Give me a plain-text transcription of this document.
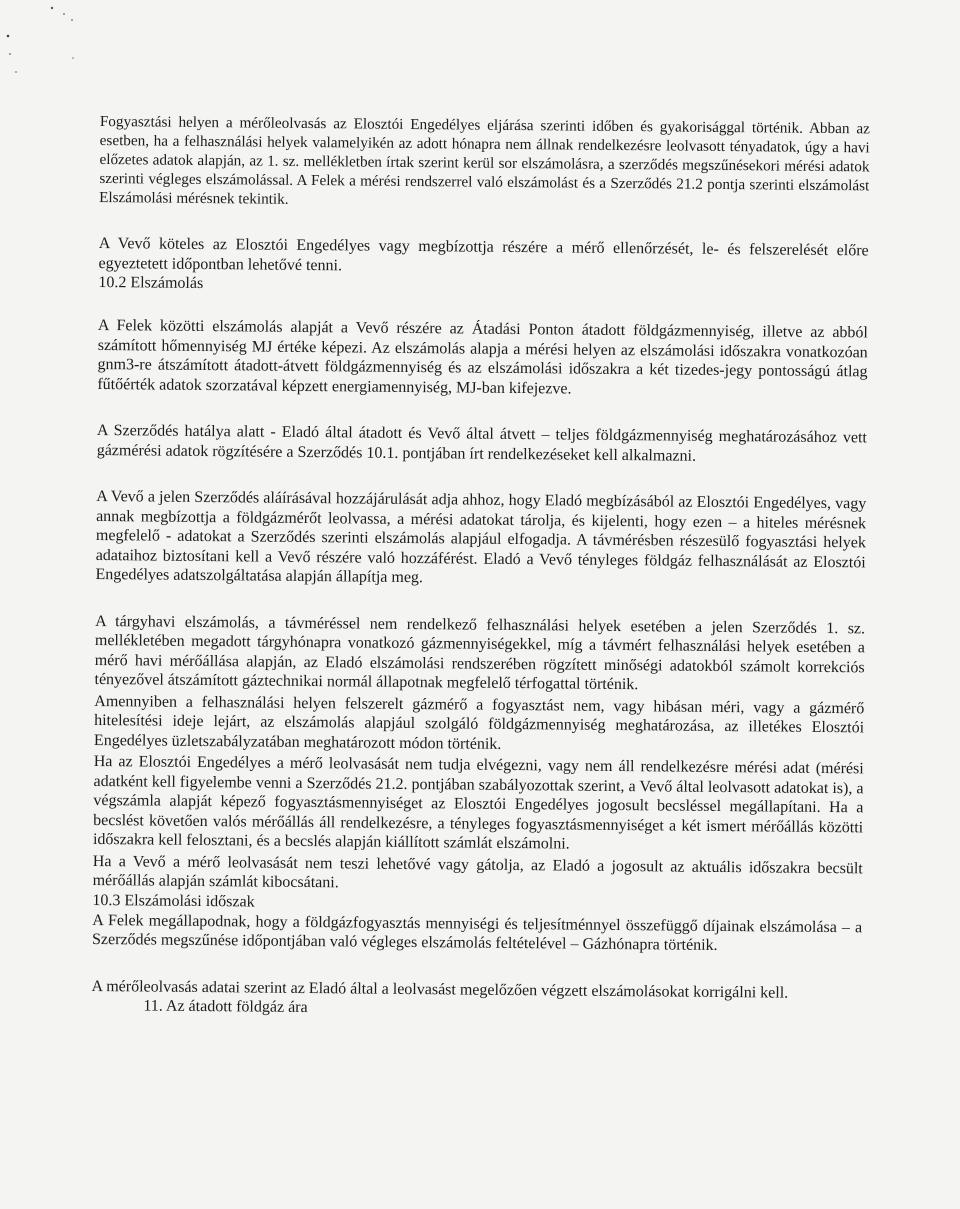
Fogyasztási helyen a mérőleolvasás az Elosztói Engedélyes eljárása szerinti időben és gyakorisággal történik. Abban az esetben, ha a felhasználási helyek valamelyikén az adott hónapra nem állnak rendelkezésre leolvasott tényadatok, úgy a havi előzetes adatok alapján, az 1. sz. mellékletben írtak szerint kerül sor elszámolásra, a szerződés megszűnésekori mérési adatok szerinti végleges elszámolással. A Felek a mérési rendszerrel való elszámolást és a Szerződés 21.2 pontja szerinti elszámolást Elszámolási mérésnek tekintik.

A Vevő köteles az Elosztói Engedélyes vagy megbízottja részére a mérő ellenőrzését, le- és felszerelését előre egyeztetett időpontban lehetővé tenni.

10.2 Elszámolás

A Felek közötti elszámolás alapját a Vevő részére az Átadási Ponton átadott földgázmennyiség, illetve az abból számított hőmennyiség MJ értéke képezi. Az elszámolás alapja a mérési helyen az elszámolási időszakra vonatkozóan gnm3-re átszámított átadott-átvett földgázmennyiség és az elszámolási időszakra a két tizedes-jegy pontosságú átlag fűtőérték adatok szorzatával képzett energiamennyiség, MJ-ban kifejezve.

A Szerződés hatálya alatt - Eladó által átadott és Vevő által átvett – teljes földgázmennyiség meghatározásához vett gázmérési adatok rögzítésére a Szerződés 10.1. pontjában írt rendelkezéseket kell alkalmazni.

A Vevő a jelen Szerződés aláírásával hozzájárulását adja ahhoz, hogy Eladó megbízásából az Elosztói Engedélyes, vagy annak megbízottja a földgázmérőt leolvassa, a mérési adatokat tárolja, és kijelenti, hogy ezen – a hiteles mérésnek megfelelő - adatokat a Szerződés szerinti elszámolás alapjául elfogadja. A távmérésben részesülő fogyasztási helyek adataihoz biztosítani kell a Vevő részére való hozzáférést. Eladó a Vevő tényleges földgáz felhasználását az Elosztói Engedélyes adatszolgáltatása alapján állapítja meg.

A tárgyhavi elszámolás, a távméréssel nem rendelkező felhasználási helyek esetében a jelen Szerződés 1. sz. mellékletében megadott tárgyhónapra vonatkozó gázmennyiségekkel, míg a távmért felhasználási helyek esetében a mérő havi mérőállása alapján, az Eladó elszámolási rendszerében rögzített minőségi adatokból számolt korrekciós tényezővel átszámított gáztechnikai normál állapotnak megfelelő térfogattal történik.

Amennyiben a felhasználási helyen felszerelt gázmérő a fogyasztást nem, vagy hibásan méri, vagy a gázmérő hitelesítési ideje lejárt, az elszámolás alapjául szolgáló földgázmennyiség meghatározása, az illetékes Elosztói Engedélyes üzletszabályzatában meghatározott módon történik.

Ha az Elosztói Engedélyes a mérő leolvasását nem tudja elvégezni, vagy nem áll rendelkezésre mérési adat (mérési adatként kell figyelembe venni a Szerződés 21.2. pontjában szabályozottak szerint, a Vevő által leolvasott adatokat is), a végszámla alapját képező fogyasztásmennyiséget az Elosztói Engedélyes jogosult becsléssel megállapítani. Ha a becslést követően valós mérőállás áll rendelkezésre, a tényleges fogyasztásmennyiséget a két ismert mérőállás közötti időszakra kell felosztani, és a becslés alapján kiállított számlát elszámolni.

Ha a Vevő a mérő leolvasását nem teszi lehetővé vagy gátolja, az Eladó a jogosult az aktuális időszakra becsült mérőállás alapján számlát kibocsátani.

10.3 Elszámolási időszak

A Felek megállapodnak, hogy a földgázfogyasztás mennyiségi és teljesítménnyel összefüggő díjainak elszámolása – a Szerződés megszűnése időpontjában való végleges elszámolás feltételével – Gázhónapra történik.

A mérőleolvasás adatai szerint az Eladó által a leolvasást megelőzően végzett elszámolásokat korrigálni kell.

11. Az átadott földgáz ára
